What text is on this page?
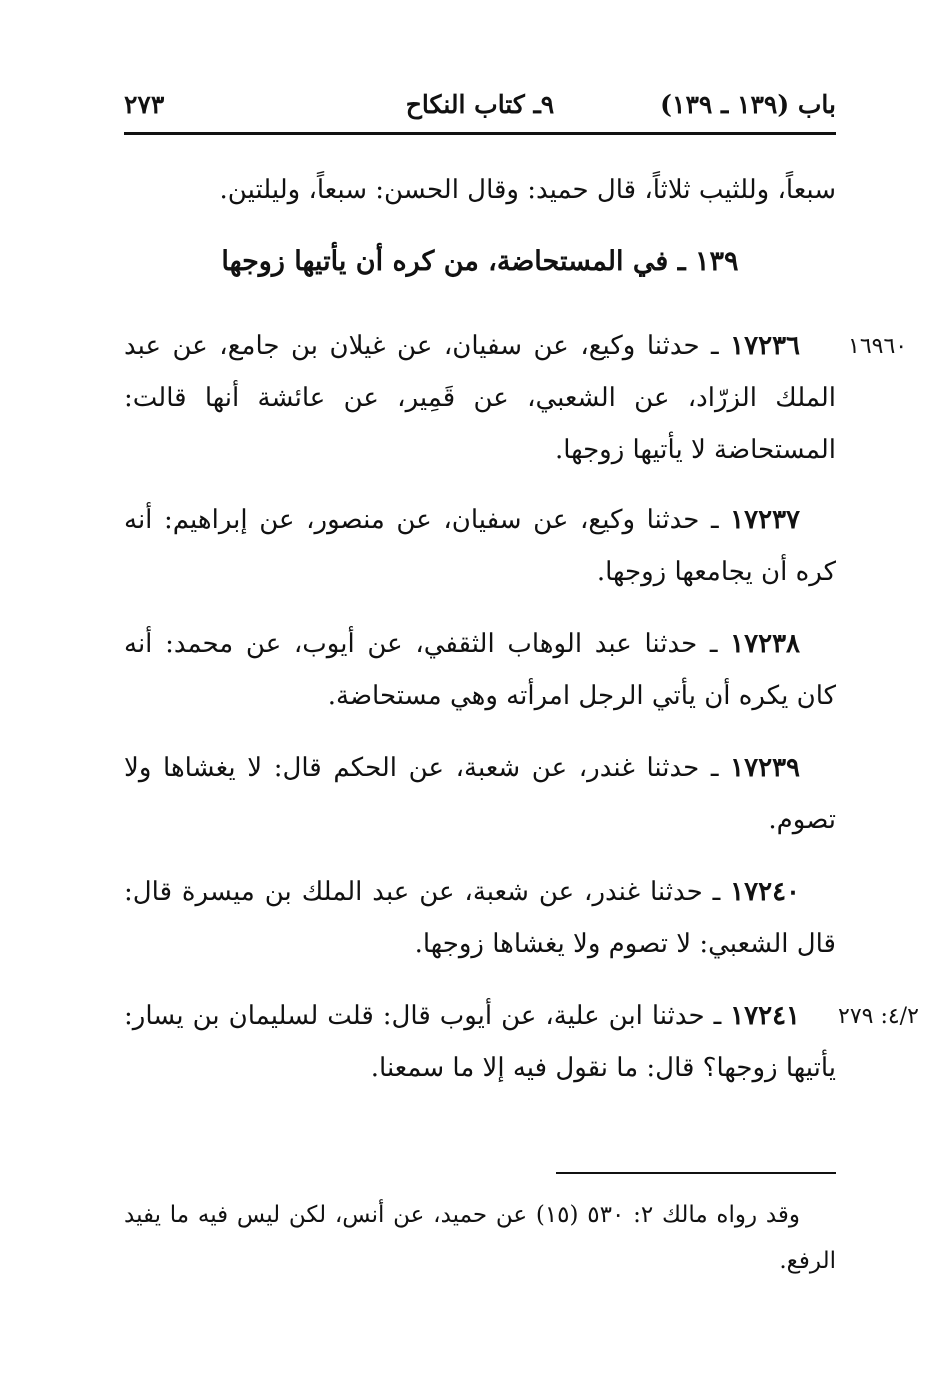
باب (١٣٩ ـ ١٣٩)
٩ـ كتاب النكاح
٢٧٣
سبعاً، وللثيب ثلاثاً، قال حميد: وقال الحسن: سبعاً، وليلتين.
١٣٩ ـ في المستحاضة، من كره أن يأتيها زوجها
١٦٩٦٠
١٧٢٣٦ ـ حدثنا وكيع، عن سفيان، عن غيلان بن جامع، عن عبد الملك الزرّاد، عن الشعبي، عن قَمِير، عن عائشة أنها قالت: المستحاضة لا يأتيها زوجها.
١٧٢٣٧ ـ حدثنا وكيع، عن سفيان، عن منصور، عن إبراهيم: أنه كره أن يجامعها زوجها.
١٧٢٣٨ ـ حدثنا عبد الوهاب الثقفي، عن أيوب، عن محمد: أنه كان يكره أن يأتي الرجل امرأته وهي مستحاضة.
١٧٢٣٩ ـ حدثنا غندر، عن شعبة، عن الحكم قال: لا يغشاها ولا تصوم.
١٧٢٤٠ ـ حدثنا غندر، عن شعبة، عن عبد الملك بن ميسرة قال: قال الشعبي: لا تصوم ولا يغشاها زوجها.
٤/٢: ٢٧٩
١٧٢٤١ ـ حدثنا ابن علية، عن أيوب قال: قلت لسليمان بن يسار: يأتيها زوجها؟ قال: ما نقول فيه إلا ما سمعنا.
وقد رواه مالك ٢: ٥٣٠ (١٥) عن حميد، عن أنس، لكن ليس فيه ما يفيد الرفع.
